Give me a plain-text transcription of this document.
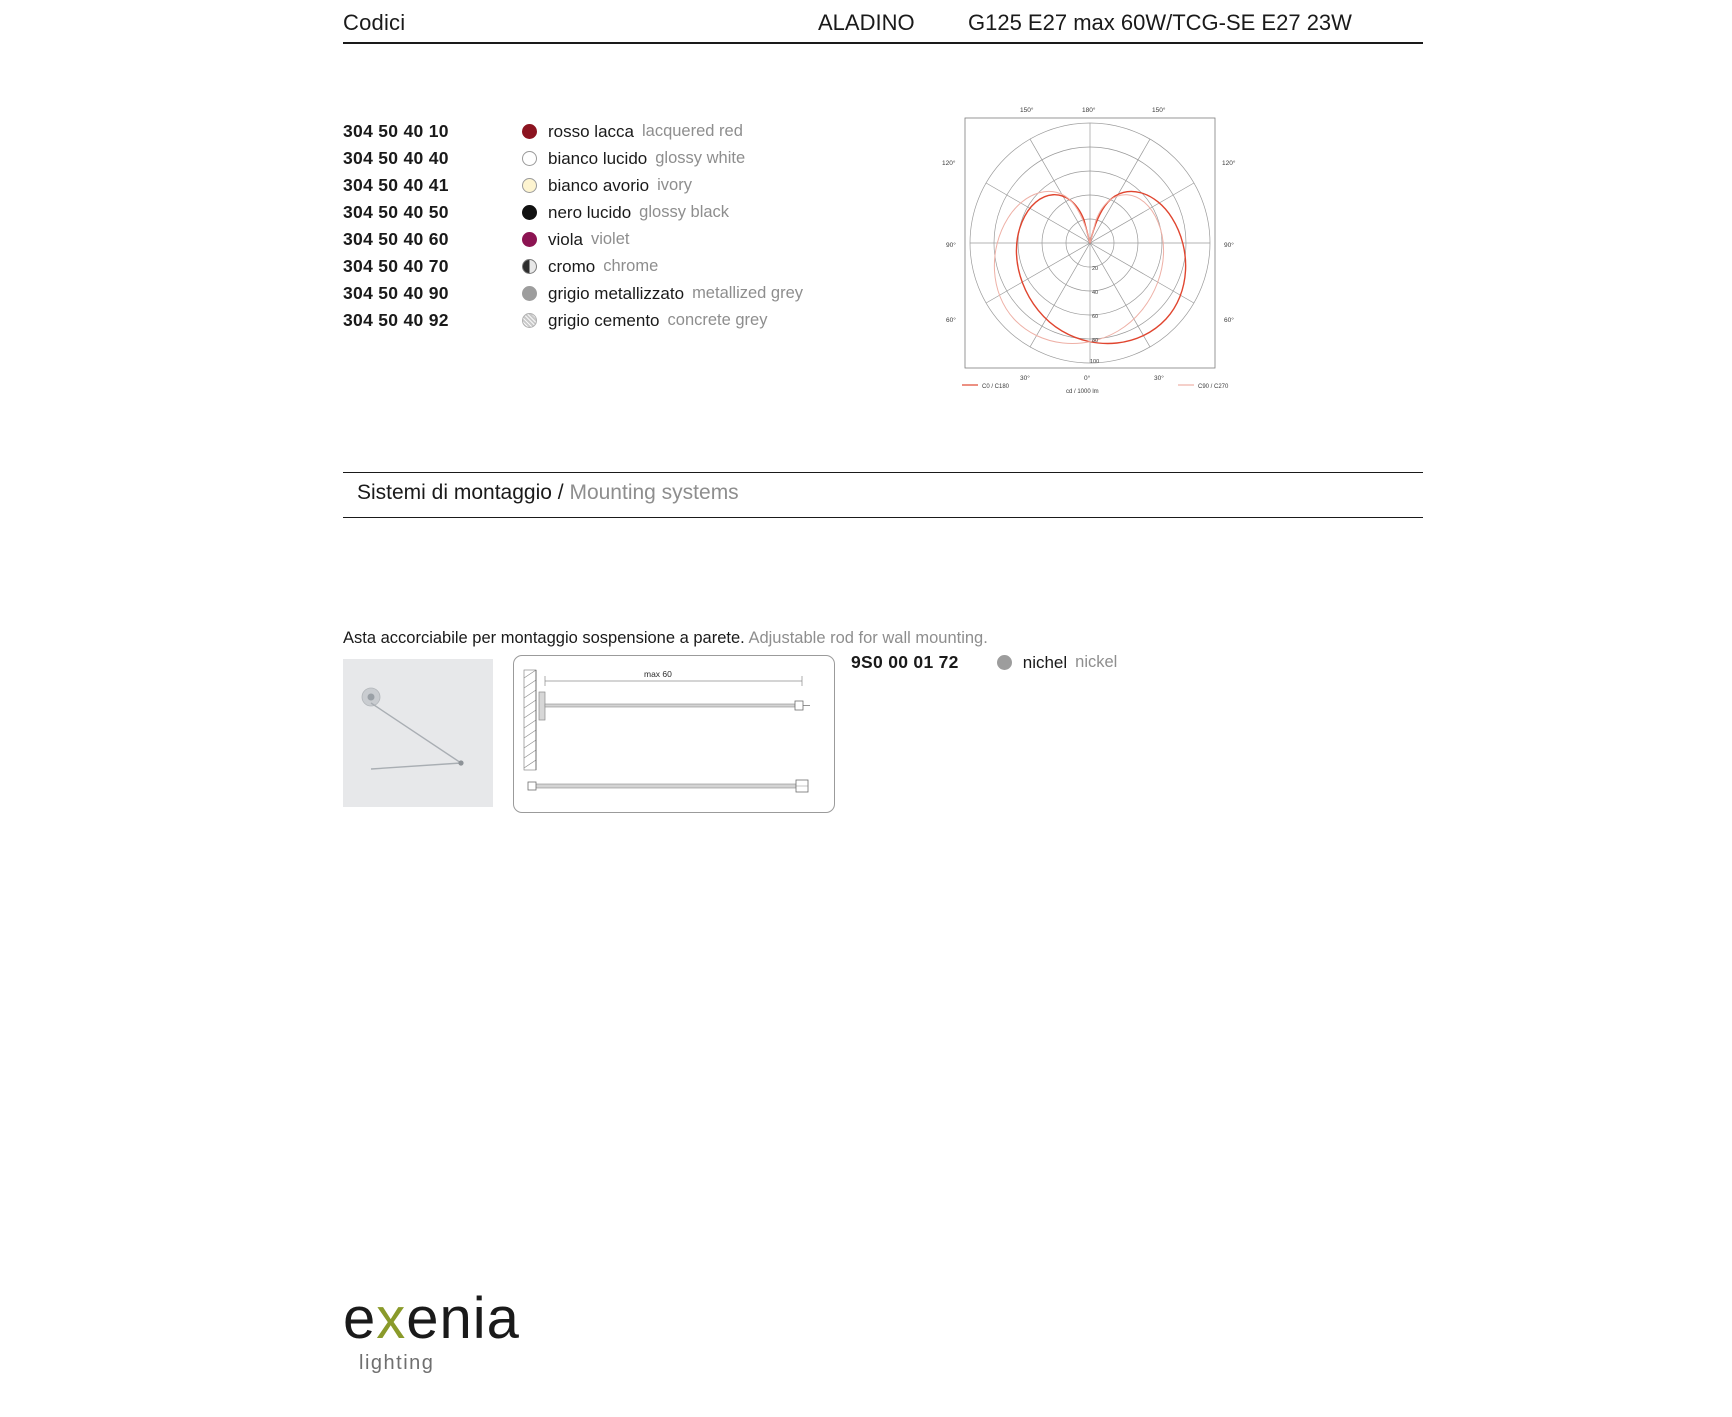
Codici	ALADINO G125 E27 max 60W/TCG-SE E27 23W
304 50 40 10	rosso lacca lacquered red
304 50 40 40	bianco lucido glossy white
304 50 40 41	bianco avorio ivory
304 50 40 50	nero lucido glossy black
304 50 40 60	viola violet
304 50 40 70	cromo chrome
304 50 40 90	grigio metallizzato metallized grey
304 50 40 92	grigio cemento concrete grey
150°	180°	150°
120°	120°
90°	90°
60°	60°
30°	0°	30°
20
40
60
80
100
cd / 1000 lm
C0 / C180	C90 / C270
Sistemi di montaggio / Mounting systems
Asta accorciabile per montaggio sospensione a parete. Adjustable rod for wall mounting.
max 60
9S0 00 01 72	nichel nickel
exenia
lighting
